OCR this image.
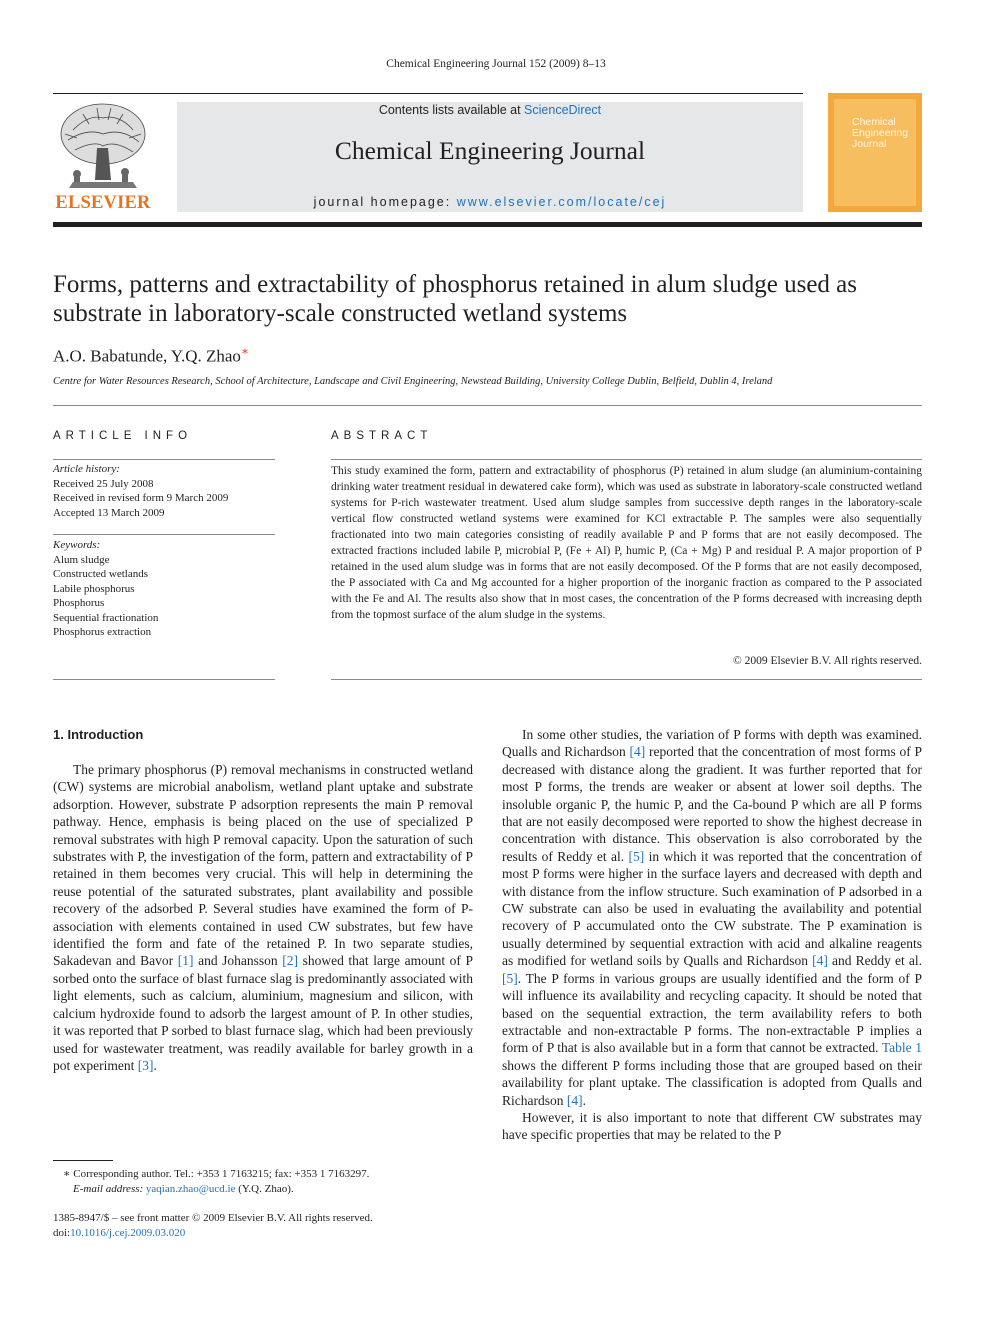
Chemical Engineering Journal 152 (2009) 8–13
ELSEVIER
Contents lists available at ScienceDirect
Chemical Engineering Journal
journal homepage: www.elsevier.com/locate/cej
Chemical Engineering Journal
Forms, patterns and extractability of phosphorus retained in alum sludge used as substrate in laboratory-scale constructed wetland systems
A.O. Babatunde, Y.Q. Zhao∗
Centre for Water Resources Research, School of Architecture, Landscape and Civil Engineering, Newstead Building, University College Dublin, Belfield, Dublin 4, Ireland
ARTICLE INFO	ABSTRACT
Article history:
Received 25 July 2008
Received in revised form 9 March 2009
Accepted 13 March 2009
Keywords:
Alum sludge
Constructed wetlands
Labile phosphorus
Phosphorus
Sequential fractionation
Phosphorus extraction
This study examined the form, pattern and extractability of phosphorus (P) retained in alum sludge (an aluminium-containing drinking water treatment residual in dewatered cake form), which was used as substrate in laboratory-scale constructed wetland systems for P-rich wastewater treatment. Used alum sludge samples from successive depth ranges in the laboratory-scale vertical flow constructed wetland systems were examined for KCl extractable P. The samples were also sequentially fractionated into two main categories consisting of readily available P and P forms that are not easily decomposed. The extracted fractions included labile P, microbial P, (Fe + Al) P, humic P, (Ca + Mg) P and residual P. A major proportion of P retained in the used alum sludge was in forms that are not easily decomposed. Of the P forms that are not easily decomposed, the P associated with Ca and Mg accounted for a higher proportion of the inorganic fraction as compared to the P associated with the Fe and Al. The results also show that in most cases, the concentration of the P forms decreased with increasing depth from the topmost surface of the alum sludge in the systems.
© 2009 Elsevier B.V. All rights reserved.
1. Introduction

The primary phosphorus (P) removal mechanisms in constructed wetland (CW) systems are microbial anabolism, wetland plant uptake and substrate adsorption. However, substrate P adsorption represents the main P removal pathway. Hence, emphasis is being placed on the use of specialized P removal substrates with high P removal capacity. Upon the saturation of such substrates with P, the investigation of the form, pattern and extractability of P retained in them becomes very crucial. This will help in determining the reuse potential of the saturated substrates, plant availability and possible recovery of the adsorbed P. Several studies have examined the form of P-association with elements contained in used CW substrates, but few have identified the form and fate of the retained P. In two separate studies, Sakadevan and Bavor [1] and Johansson [2] showed that large amount of P sorbed onto the surface of blast furnace slag is predominantly associated with light elements, such as calcium, aluminium, magnesium and silicon, with calcium hydroxide found to adsorb the largest amount of P. In other studies, it was reported that P sorbed to blast furnace slag, which had been previously used for wastewater treatment, was readily available for barley growth in a pot experiment [3].

In some other studies, the variation of P forms with depth was examined. Qualls and Richardson [4] reported that the concentration of most forms of P decreased with distance along the gradient. It was further reported that for most P forms, the trends are weaker or absent at lower soil depths. The insoluble organic P, the humic P, and the Ca-bound P which are all P forms that are not easily decomposed were reported to show the highest decrease in concentration with distance. This observation is also corroborated by the results of Reddy et al. [5] in which it was reported that the concentration of most P forms were higher in the surface layers and decreased with depth and with distance from the inflow structure. Such examination of P adsorbed in a CW substrate can also be used in evaluating the availability and potential recovery of P accumulated onto the CW substrate. The P examination is usually determined by sequential extraction with acid and alkaline reagents as modified for wetland soils by Qualls and Richardson [4] and Reddy et al. [5]. The P forms in various groups are usually identified and the form of P will influence its availability and recycling capacity. It should be noted that based on the sequential extraction, the term availability refers to both extractable and non-extractable P forms. The non-extractable P implies a form of P that is also available but in a form that cannot be extracted. Table 1 shows the different P forms including those that are grouped based on their availability for plant uptake. The classification is adopted from Qualls and Richardson [4].

However, it is also important to note that different CW substrates may have specific properties that may be related to the P

∗ Corresponding author. Tel.: +353 1 7163215; fax: +353 1 7163297.
E-mail address: yaqian.zhao@ucd.ie (Y.Q. Zhao).
1385-8947/$ – see front matter © 2009 Elsevier B.V. All rights reserved.
doi:10.1016/j.cej.2009.03.020
